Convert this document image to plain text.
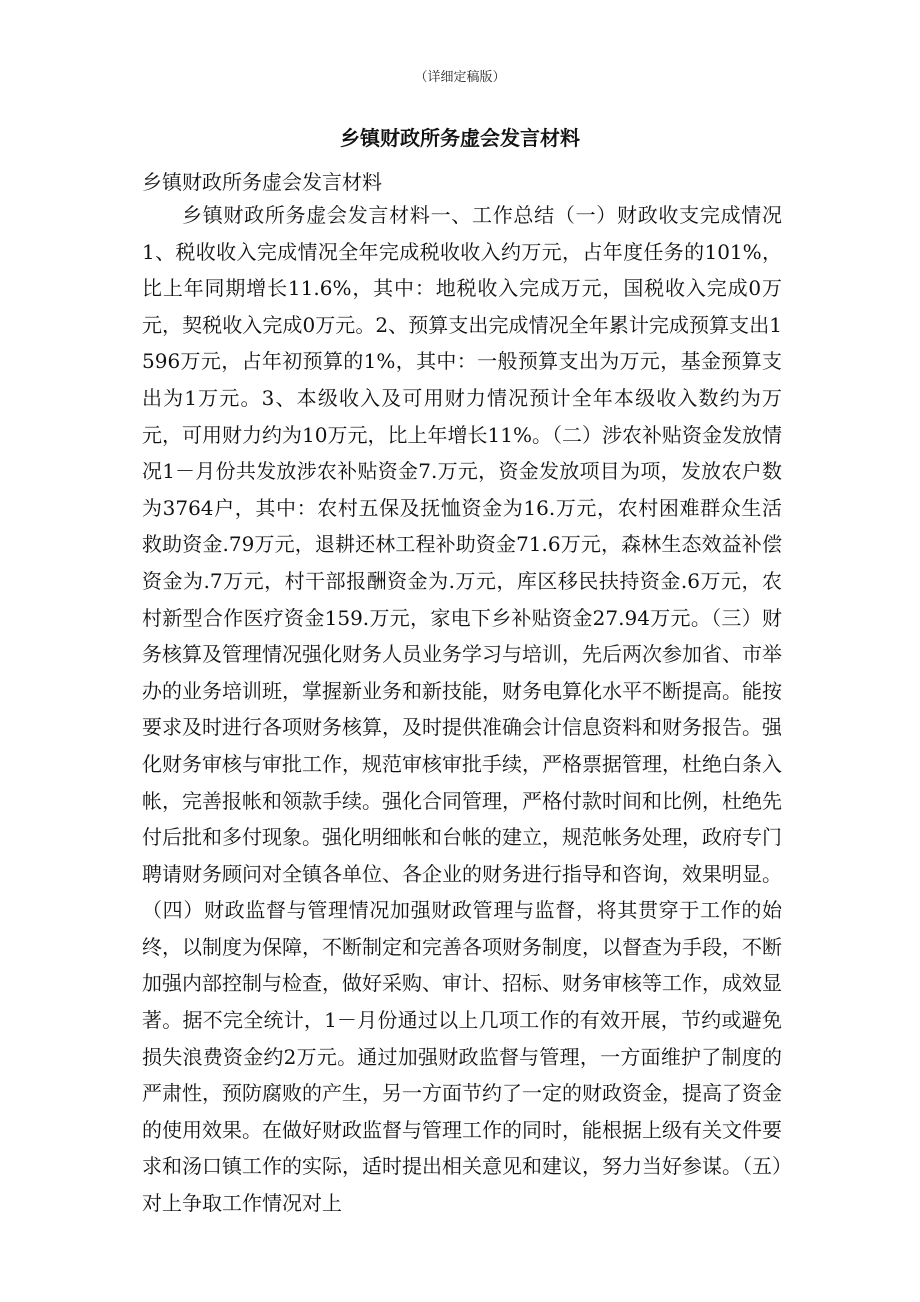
（详细定稿版）
乡镇财政所务虚会发言材料

乡镇财政所务虚会发言材料

乡镇财政所务虚会发言材料一、工作总结（一）财政收支完成情况1、税收收入完成情况全年完成税收收入约万元，占年度任务的101%，比上年同期增长11.6%，其中：地税收入完成万元，国税收入完成0万元，契税收入完成0万元。2、预算支出完成情况全年累计完成预算支出1596万元，占年初预算的1%，其中：一般预算支出为万元，基金预算支出为1万元。3、本级收入及可用财力情况预计全年本级收入数约为万元，可用财力约为10万元，比上年增长11%。（二）涉农补贴资金发放情况1－月份共发放涉农补贴资金7.万元，资金发放项目为项，发放农户数为3764户，其中：农村五保及抚恤资金为16.万元，农村困难群众生活救助资金.79万元，退耕还林工程补助资金71.6万元，森林生态效益补偿资金为.7万元，村干部报酬资金为.万元，库区移民扶持资金.6万元，农村新型合作医疗资金159.万元，家电下乡补贴资金27.94万元。（三）财务核算及管理情况强化财务人员业务学习与培训，先后两次参加省、市举办的业务培训班，掌握新业务和新技能，财务电算化水平不断提高。能按要求及时进行各项财务核算，及时提供准确会计信息资料和财务报告。强化财务审核与审批工作，规范审核审批手续，严格票据管理，杜绝白条入帐，完善报帐和领款手续。强化合同管理，严格付款时间和比例，杜绝先付后批和多付现象。强化明细帐和台帐的建立，规范帐务处理，政府专门聘请财务顾问对全镇各单位、各企业的财务进行指导和咨询，效果明显。（四）财政监督与管理情况加强财政管理与监督，将其贯穿于工作的始终，以制度为保障，不断制定和完善各项财务制度，以督查为手段，不断加强内部控制与检查，做好采购、审计、招标、财务审核等工作，成效显著。据不完全统计，1－月份通过以上几项工作的有效开展，节约或避免损失浪费资金约2万元。通过加强财政监督与管理，一方面维护了制度的严肃性，预防腐败的产生，另一方面节约了一定的财政资金，提高了资金的使用效果。在做好财政监督与管理工作的同时，能根据上级有关文件要求和汤口镇工作的实际，适时提出相关意见和建议，努力当好参谋。（五）对上争取工作情况对上
